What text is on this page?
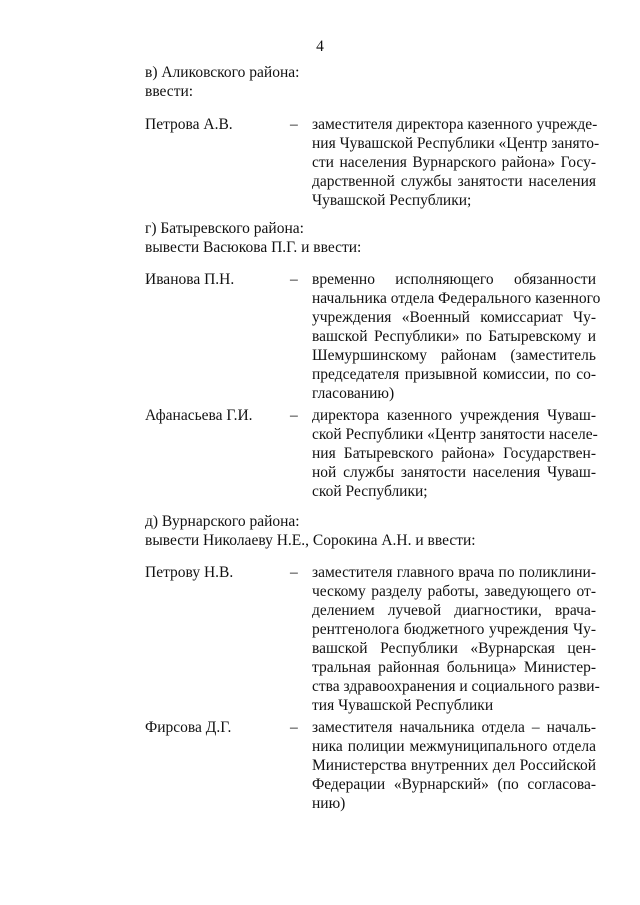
4
в) Аликовского района:
ввести:
Петрова А.В.	– заместителя директора казенного учрежде-
ния Чувашской Республики «Центр занято-
сти населения Вурнарского района» Госу-
дарственной службы занятости населения
Чувашской Республики;
г) Батыревского района:
вывести Васюкова П.Г. и ввести:
Иванова П.Н.	– временно исполняющего обязанности
начальника отдела Федерального казенного
учреждения «Военный комиссариат Чу-
вашской Республики» по Батыревскому и
Шемуршинскому районам (заместитель
председателя призывной комиссии, по со-
гласованию)
Афанасьева Г.И. – директора казенного учреждения Чуваш-
ской Республики «Центр занятости населе-
ния Батыревского района» Государствен-
ной службы занятости населения Чуваш-
ской Республики;
д) Вурнарского района:
вывести Николаеву Н.Е., Сорокина А.Н. и ввести:
Петрову Н.В.	– заместителя главного врача по поликлини-
ческому разделу работы, заведующего от-
делением лучевой диагностики, врача-
рентгенолога бюджетного учреждения Чу-
вашской Республики «Вурнарская цен-
тральная районная больница» Министер-
ства здравоохранения и социального разви-
тия Чувашской Республики
Фирсова Д.Г.	– заместителя начальника отдела – началь-
ника полиции межмуниципального отдела
Министерства внутренних дел Российской
Федерации «Вурнарский» (по согласова-
нию)
